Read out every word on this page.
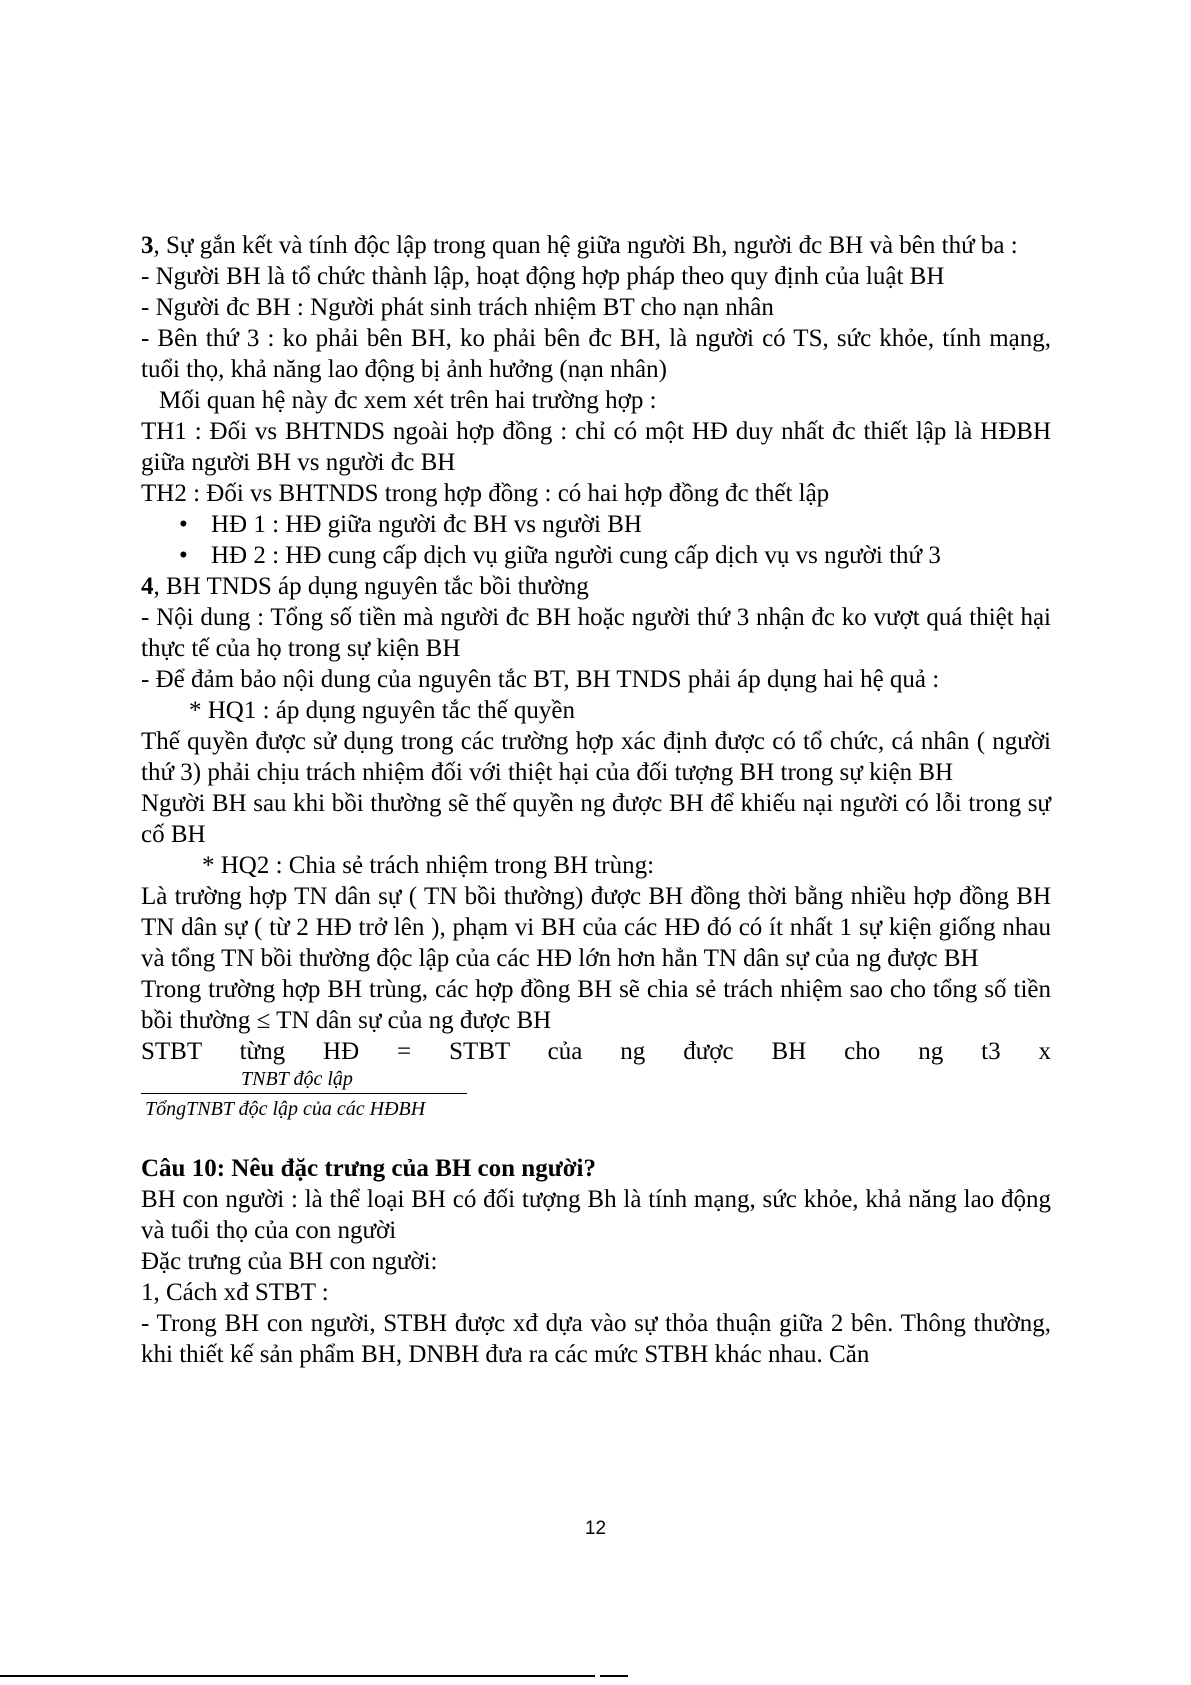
3, Sự gắn kết và tính độc lập trong quan hệ giữa người Bh, người đc BH và bên thứ ba :

- Người BH là tổ chức thành lập, hoạt động hợp pháp theo quy định của luật BH

- Người đc BH : Người phát sinh trách nhiệm BT cho nạn nhân

- Bên thứ 3 : ko phải bên BH, ko phải bên đc BH, là người có TS, sức khỏe, tính mạng, tuổi thọ, khả năng lao động bị ảnh hưởng (nạn nhân)

Mối quan hệ này đc xem xét trên hai trường hợp :

TH1 : Đối vs BHTNDS ngoài hợp đồng : chỉ có một HĐ duy nhất đc thiết lập là HĐBH giữa người BH vs người đc BH

TH2 : Đối vs BHTNDS trong hợp đồng : có hai hợp đồng đc thết lập

• HĐ 1 : HĐ giữa người đc BH vs người BH
• HĐ 2 : HĐ cung cấp dịch vụ giữa người cung cấp dịch vụ vs người thứ 3

4, BH TNDS áp dụng nguyên tắc bồi thường

- Nội dung : Tổng số tiền mà người đc BH hoặc người thứ 3 nhận đc ko vượt quá thiệt hại thực tế của họ trong sự kiện BH

- Để đảm bảo nội dung của nguyên tắc BT, BH TNDS phải áp dụng hai hệ quả :

* HQ1 : áp dụng nguyên tắc thế quyền

Thế quyền được sử dụng trong các trường hợp xác định được có tổ chức, cá nhân ( người thứ 3) phải chịu trách nhiệm đối với thiệt hại của đối tượng BH trong sự kiện BH

Người BH sau khi bồi thường sẽ thế quyền ng được BH để khiếu nại người có lỗi trong sự cố BH

* HQ2 : Chia sẻ trách nhiệm trong BH trùng:

Là trường hợp TN dân sự ( TN bồi thường) được BH đồng thời bằng nhiều hợp đồng BH TN dân sự ( từ 2 HĐ trở lên ), phạm vi BH của các HĐ đó có ít nhất 1 sự kiện giống nhau và tổng TN bồi thường độc lập của các HĐ lớn hơn hẳn TN dân sự của ng được BH

Trong trường hợp BH trùng, các hợp đồng BH sẽ chia sẻ trách nhiệm sao cho tổng số tiền bồi thường ≤ TN dân sự của ng được BH

STBT từng HĐ = STBT của ng được BH cho ng t3 x

TNBT độc lập
TổngTNBT độc lập của các HĐBH

Câu 10: Nêu đặc trưng của BH con người?

BH con người : là thể loại BH có đối tượng Bh là tính mạng, sức khỏe, khả năng lao động và tuổi thọ của con người

Đặc trưng của BH con người:

1, Cách xđ STBT :

- Trong BH con người, STBH được xđ dựa vào sự thỏa thuận giữa 2 bên. Thông thường, khi thiết kế sản phẩm BH, DNBH đưa ra các mức STBH khác nhau. Căn

12
